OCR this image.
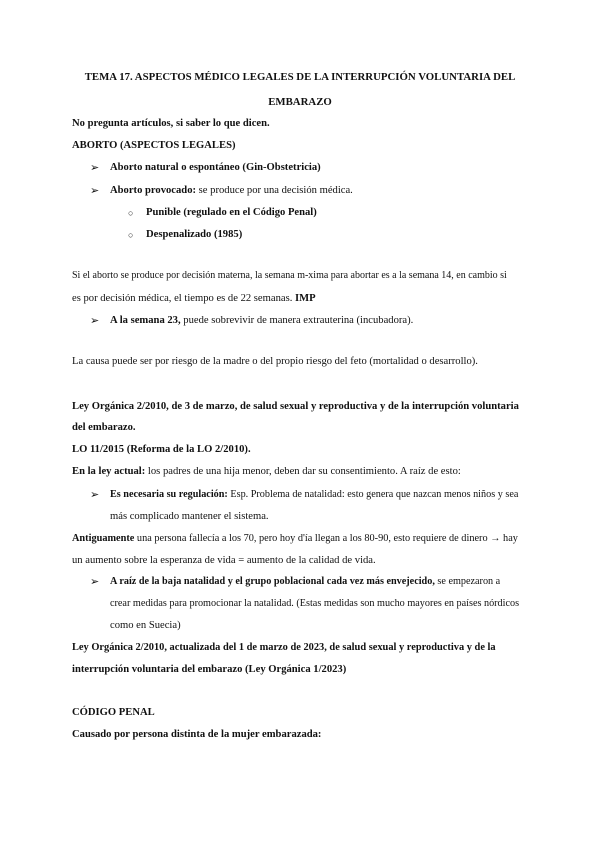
TEMA 17. ASPECTOS MÉDICO LEGALES DE LA INTERRUPCIÓN VOLUNTARIA DEL
EMBARAZO
No pregunta artículos, si saber lo que dicen.
ABORTO (ASPECTOS LEGALES)
➢ Aborto natural o espontáneo (Gin-Obstetricia)
➢ Aborto provocado: se produce por una decisión médica.
○ Punible (regulado en el Código Penal)
○ Despenalizado (1985)
Si el aborto se produce por decisión materna, la semana m-xima para abortar es a la semana 14, en cambio si
es por decisión médica, el tiempo es de 22 semanas. IMP
➢ A la semana 23, puede sobrevivir de manera extrauterina (incubadora).
La causa puede ser por riesgo de la madre o del propio riesgo del feto (mortalidad o desarrollo).
Ley Orgánica 2/2010, de 3 de marzo, de salud sexual y reproductiva y de la interrupción voluntaria
del embarazo.
LO 11/2015 (Reforma de la LO 2/2010).
En la ley actual: los padres de una hija menor, deben dar su consentimiento. A raíz de esto:
➢ Es necesaria su regulación: Esp. Problema de natalidad: esto genera que nazcan menos niños y sea
más complicado mantener el sistema.
Antiguamente una persona fallecía a los 70, pero hoy d'ía llegan a los 80-90, esto requiere de dinero → hay
un aumento sobre la esperanza de vida = aumento de la calidad de vida.
➢ A raíz de la baja natalidad y el grupo poblacional cada vez más envejecido, se empezaron a
crear medidas para promocionar la natalidad. (Estas medidas son mucho mayores en países nórdicos
como en Suecia)
Ley Orgánica 2/2010, actualizada del 1 de marzo de 2023, de salud sexual y reproductiva y de la
interrupción voluntaria del embarazo (Ley Orgánica 1/2023)
CÓDIGO PENAL
Causado por persona distinta de la mujer embarazada:
